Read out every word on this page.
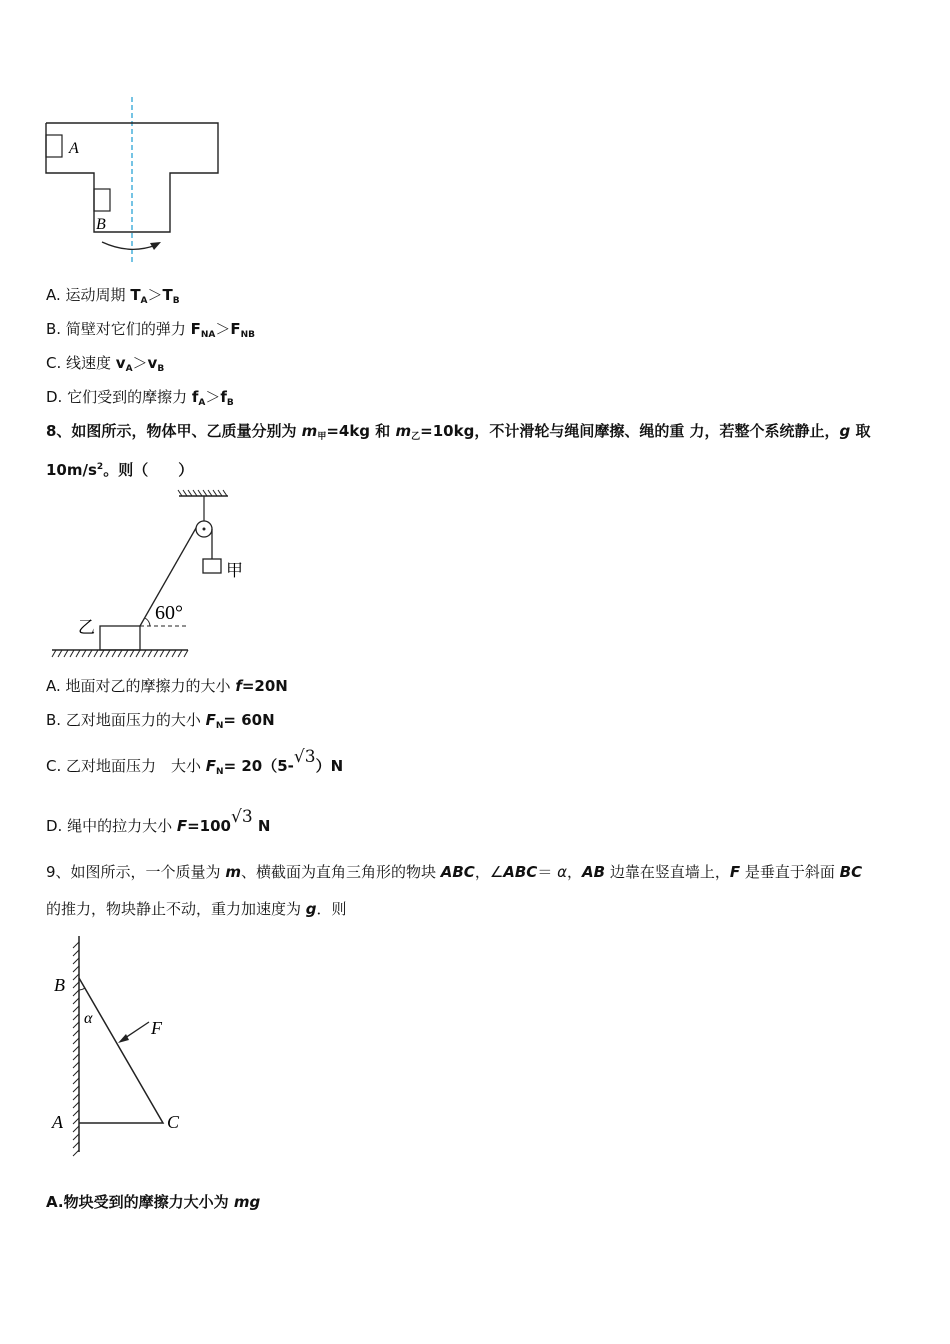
A
B
A. 运动周期 $T_A>T_B$
B. 简壁对它们的弹力 $F_{NA}>F_{NB}$
C. 线速度 $v_A>v_B$
D. 它们受到的摩擦力 $f_A>f_B$
8、如图所示，物体甲、乙质量分别为 $m_甲=4kg$ 和 $m_乙=10kg$，不计滑轮与绳间摩擦、绳的重 力，若整个系统静止，g 取
$10m/s^2$。则（　　）
甲
乙
60°
A. 地面对乙的摩擦力的大小 f=20N
B. 乙对地面压力的大小 $F_N= 60N$
C. 乙对地面压力　大小 $F_N= 20(5-√3)N$
D. 绳中的拉力大小 F=100√3 N
9、如图所示，一个质量为 m、横截面为直角三角形的物块 ABC，∠ABC＝ α，AB 边靠在竖直墙上，F 是垂直于斜面 BC
的推力，物块静止不动，重力加速度为 g．则
B
A	C
α	F
A.物块受到的摩擦力大小为 mg
